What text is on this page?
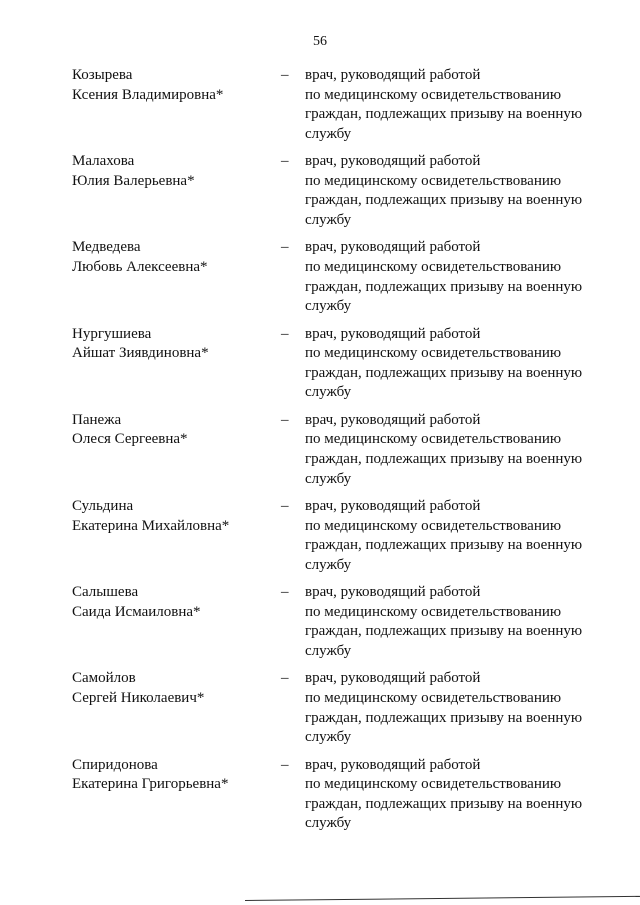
56
Козырева
Ксения Владимировна*
– врач, руководящий работой
по медицинскому освидетельствованию
граждан, подлежащих призыву на военную
службу
Малахова
Юлия Валерьевна*
– врач, руководящий работой
по медицинскому освидетельствованию
граждан, подлежащих призыву на военную
службу
Медведева
Любовь Алексеевна*
– врач, руководящий работой
по медицинскому освидетельствованию
граждан, подлежащих призыву на военную
службу
Нургушиева
Айшат Зиявдиновна*
– врач, руководящий работой
по медицинскому освидетельствованию
граждан, подлежащих призыву на военную
службу
Панежа
Олеся Сергеевна*
– врач, руководящий работой
по медицинскому освидетельствованию
граждан, подлежащих призыву на военную
службу
Сульдина
Екатерина Михайловна*
– врач, руководящий работой
по медицинскому освидетельствованию
граждан, подлежащих призыву на военную
службу
Салышева
Саида Исмаиловна*
– врач, руководящий работой
по медицинскому освидетельствованию
граждан, подлежащих призыву на военную
службу
Самойлов
Сергей Николаевич*
– врач, руководящий работой
по медицинскому освидетельствованию
граждан, подлежащих призыву на военную
службу
Спиридонова
Екатерина Григорьевна*
– врач, руководящий работой
по медицинскому освидетельствованию
граждан, подлежащих призыву на военную
службу
